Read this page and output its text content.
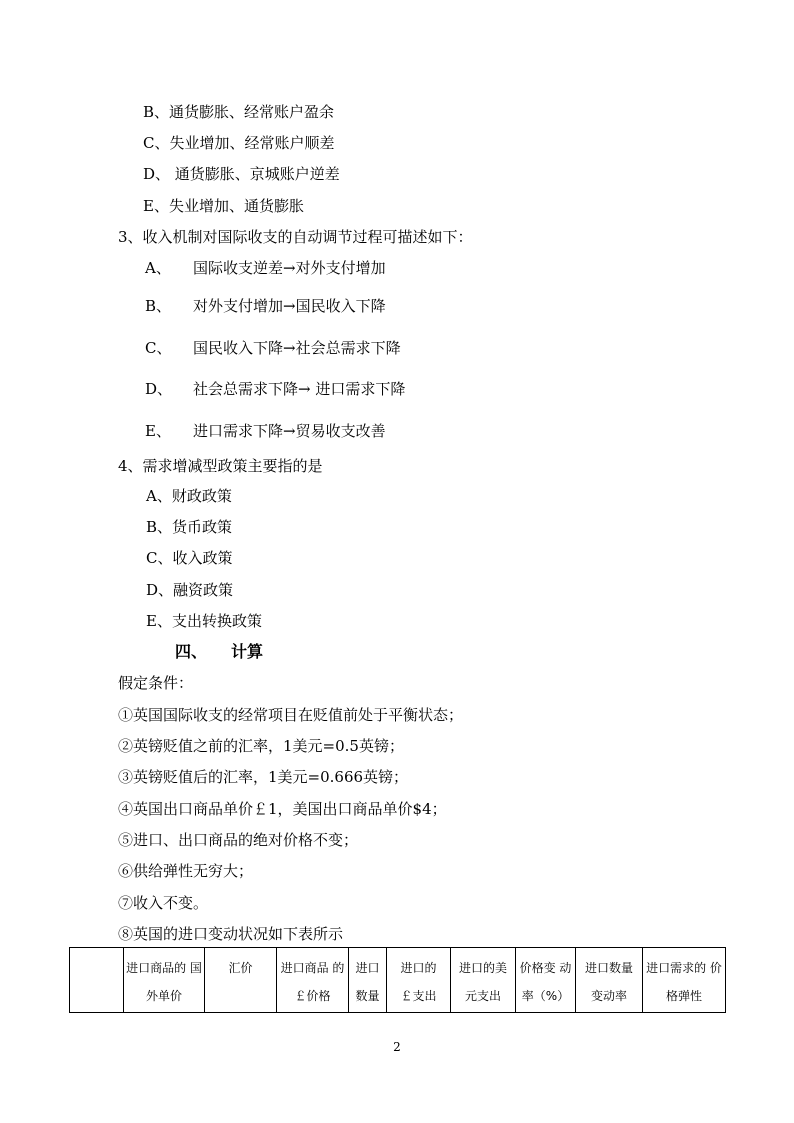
B、通货膨胀、经常账户盈余
C、失业增加、经常账户顺差
D、 通货膨胀、京城账户逆差
E、失业增加、通货膨胀
3、收入机制对国际收支的自动调节过程可描述如下：
A、 国际收支逆差→对外支付增加
B、 对外支付增加→国民收入下降
C、 国民收入下降→社会总需求下降
D、 社会总需求下降→ 进口需求下降
E、 进口需求下降→贸易收支改善
4、需求增减型政策主要指的是
A、财政政策
B、货币政策
C、收入政策
D、融资政策
E、支出转换政策
四、 计算
假定条件：
①英国国际收支的经常项目在贬值前处于平衡状态；
②英镑贬值之前的汇率，1美元=0.5英镑；
③英镑贬值后的汇率，1美元=0.666英镑；
④英国出口商品单价￡1，美国出口商品单价$4；
⑤进口、出口商品的绝对价格不变；
⑥供给弹性无穷大；
⑦收入不变。
⑧英国的进口变动状况如下表所示
	进口商品的 国外单价	汇价	进口商品 的￡价格	进口 数量	进口的 ￡支出	进口的美 元支出	价格变 动率（%）	进口数量 变动率	进口需求的 价格弹性
2
